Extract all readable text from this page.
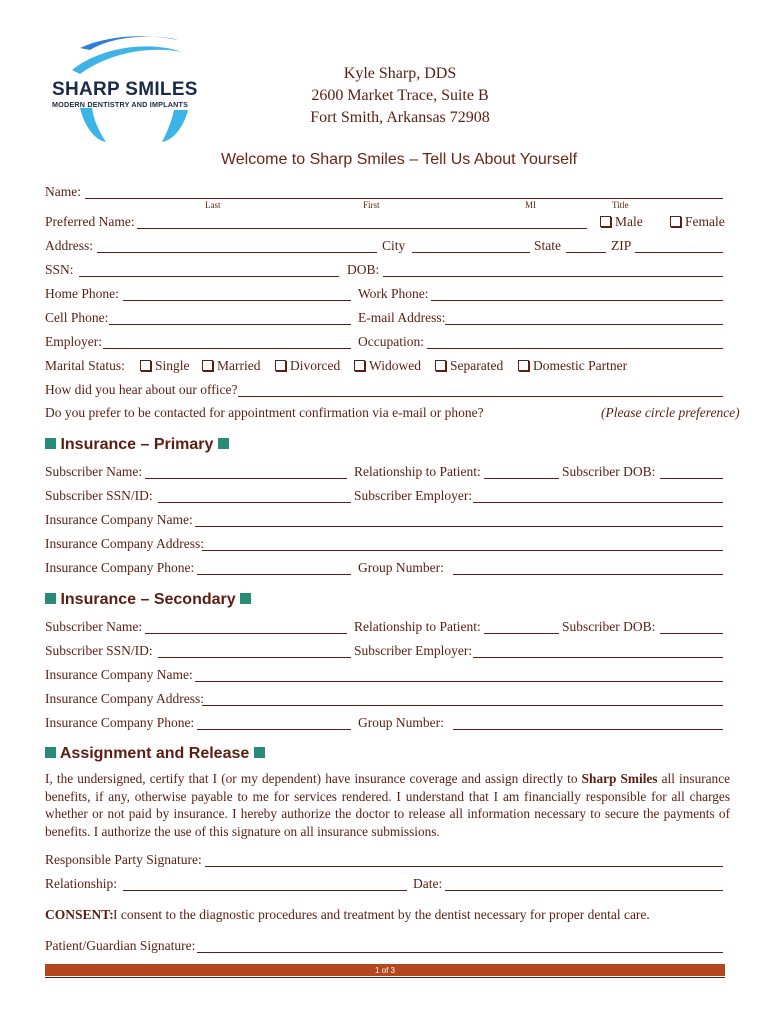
SHARP SMILES
MODERN DENTISTRY AND IMPLANTS
Kyle Sharp, DDS
2600 Market Trace, Suite B
Fort Smith, Arkansas 72908
Welcome to Sharp Smiles – Tell Us About Yourself
Name:
Last	First	MI	Title
Preferred Name:	Male	Female
Address:	City	State	ZIP
SSN:	DOB:
Home Phone:	Work Phone:
Cell Phone:	E-mail Address:
Employer:	Occupation:
Marital Status:	Single	Married	Divorced	Widowed	Separated	Domestic Partner
How did you hear about our office?
Do you prefer to be contacted for appointment confirmation via e-mail or phone?	(Please circle preference)
Insurance – Primary
Subscriber Name:	Relationship to Patient:	Subscriber DOB:
Subscriber SSN/ID:	Subscriber Employer:
Insurance Company Name:
Insurance Company Address:
Insurance Company Phone:	Group Number:
Insurance – Secondary
Subscriber Name:	Relationship to Patient:	Subscriber DOB:
Subscriber SSN/ID:	Subscriber Employer:
Insurance Company Name:
Insurance Company Address:
Insurance Company Phone:	Group Number:
Assignment and Release
I, the undersigned, certify that I (or my dependent) have insurance coverage and assign directly to Sharp Smiles all insurance benefits, if any, otherwise payable to me for services rendered. I understand that I am financially responsible for all charges whether or not paid by insurance. I hereby authorize the doctor to release all information necessary to secure the payments of benefits. I authorize the use of this signature on all insurance submissions.
Responsible Party Signature:
Relationship:	Date:
CONSENT: I consent to the diagnostic procedures and treatment by the dentist necessary for proper dental care.
Patient/Guardian Signature:
1 of 3
